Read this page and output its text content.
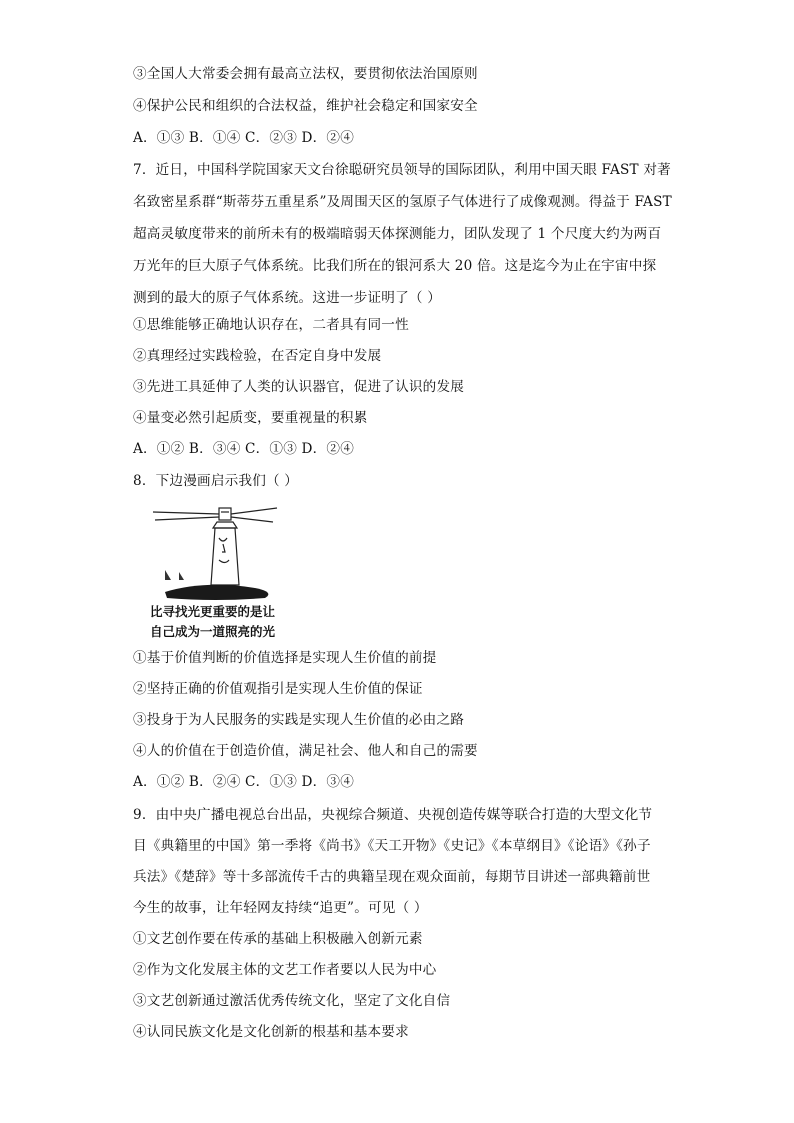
③全国人大常委会拥有最高立法权，要贯彻依法治国原则
④保护公民和组织的合法权益，维护社会稳定和国家安全
A．①③ B．①④ C．②③ D．②④
7．近日，中国科学院国家天文台徐聪研究员领导的国际团队，利用中国天眼 FAST 对著
名致密星系群“斯蒂芬五重星系”及周围天区的氢原子气体进行了成像观测。得益于 FAST
超高灵敏度带来的前所未有的极端暗弱天体探测能力，团队发现了 1 个尺度大约为两百
万光年的巨大原子气体系统。比我们所在的银河系大 20 倍。这是迄今为止在宇宙中探
测到的最大的原子气体系统。这进一步证明了（ ）
①思维能够正确地认识存在，二者具有同一性
②真理经过实践检验，在否定自身中发展
③先进工具延伸了人类的认识器官，促进了认识的发展
④量变必然引起质变，要重视量的积累
A．①② B．③④ C．①③ D．②④
8．下边漫画启示我们（ ）
比寻找光更重要的是让
自己成为一道照亮的光
①基于价值判断的价值选择是实现人生价值的前提
②坚持正确的价值观指引是实现人生价值的保证
③投身于为人民服务的实践是实现人生价值的必由之路
④人的价值在于创造价值，满足社会、他人和自己的需要
A．①② B．②④ C．①③ D．③④
9．由中央广播电视总台出品，央视综合频道、央视创造传媒等联合打造的大型文化节
目《典籍里的中国》第一季将《尚书》《天工开物》《史记》《本草纲目》《论语》《孙子
兵法》《楚辞》等十多部流传千古的典籍呈现在观众面前，每期节目讲述一部典籍前世
今生的故事，让年轻网友持续“追更”。可见（ ）
①文艺创作要在传承的基础上积极融入创新元素
②作为文化发展主体的文艺工作者要以人民为中心
③文艺创新通过激活优秀传统文化，坚定了文化自信
④认同民族文化是文化创新的根基和基本要求
